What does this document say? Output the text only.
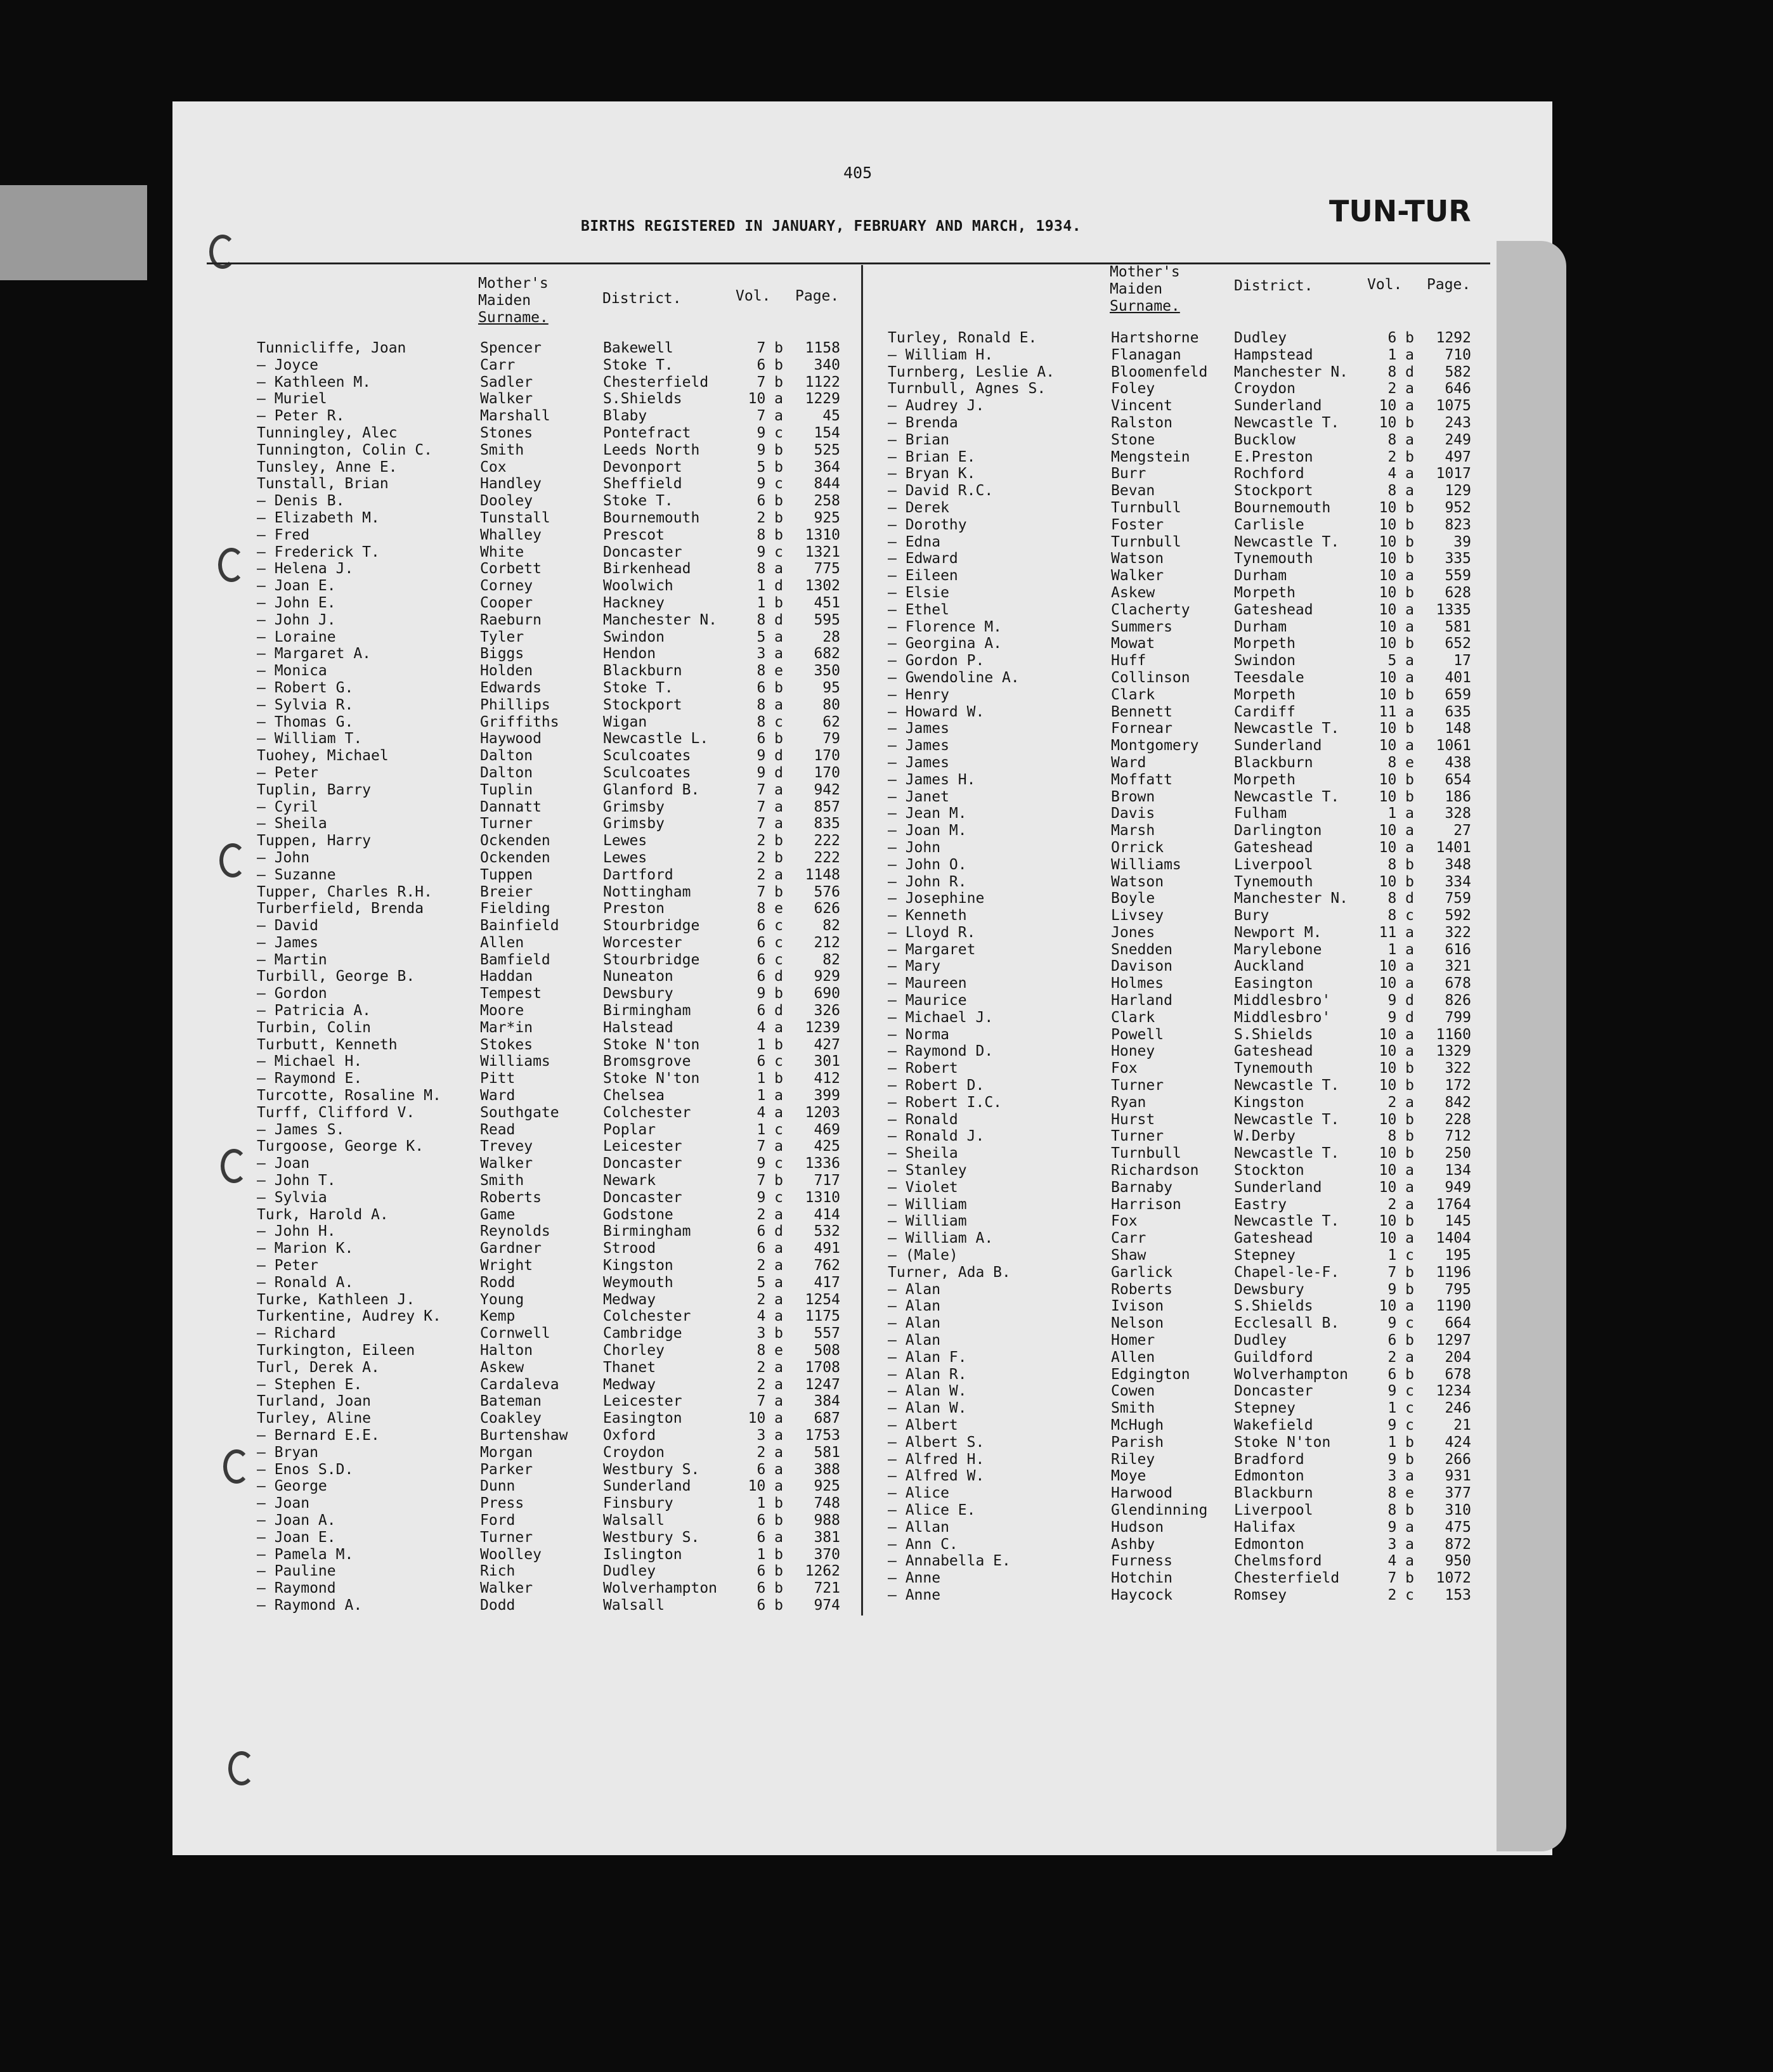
405
BIRTHS REGISTERED IN JANUARY, FEBRUARY AND MARCH, 1934.	TUN-TUR
Mother's
Maiden
Surname.
District.	Vol. Page.
Mother's
Maiden
Surname.
District.	Vol. Page.
Tunnicliffe, Joan	Spencer	Bakewell	7 b 1158
— Joyce	Carr	Stoke T.	6 b 340
— Kathleen M.	Sadler	Chesterfield	7 b 1122
— Muriel	Walker	S.Shields	10 a 1229
— Peter R.	Marshall	Blaby	7 a	45
Tunningley, Alec	Stones	Pontefract	9 c 154
Tunnington, Colin C.	Smith	Leeds North	9 b 525
Tunsley, Anne E.	Cox	Devonport	5 b 364
Tunstall, Brian	Handley	Sheffield	9 c 844
— Denis B.	Dooley	Stoke T.	6 b 258
— Elizabeth M.	Tunstall	Bournemouth	2 b 925
— Fred	Whalley	Prescot	8 b 1310
— Frederick T.	White	Doncaster	9 c 1321
— Helena J.	Corbett	Birkenhead	8 a 775
— Joan E.	Corney	Woolwich	1 d 1302
— John E.	Cooper	Hackney	1 b 451
— John J.	Raeburn	Manchester N.	8 d 595
— Loraine	Tyler	Swindon	5 a	28
— Margaret A.	Biggs	Hendon	3 a 682
— Monica	Holden	Blackburn	8 e 350
— Robert G.	Edwards	Stoke T.	6 b	95
— Sylvia R.	Phillips	Stockport	8 a	80
— Thomas G.	Griffiths	Wigan	8 c	62
— William T.	Haywood	Newcastle L.	6 b	79
Tuohey, Michael	Dalton	Sculcoates	9 d 170
— Peter	Dalton	Sculcoates	9 d 170
Tuplin, Barry	Tuplin	Glanford B.	7 a 942
— Cyril	Dannatt	Grimsby	7 a 857
— Sheila	Turner	Grimsby	7 a 835
Tuppen, Harry	Ockenden	Lewes	2 b 222
— John	Ockenden	Lewes	2 b 222
— Suzanne	Tuppen	Dartford	2 a 1148
Tupper, Charles R.H.	Breier	Nottingham	7 b 576
Turberfield, Brenda	Fielding	Preston	8 e 626
— David	Bainfield	Stourbridge	6 c	82
— James	Allen	Worcester	6 c 212
— Martin	Bamfield	Stourbridge	6 c	82
Turbill, George B.	Haddan	Nuneaton	6 d 929
— Gordon	Tempest	Dewsbury	9 b 690
— Patricia A.	Moore	Birmingham	6 d 326
Turbin, Colin	Mar*in	Halstead	4 a 1239
Turbutt, Kenneth	Stokes	Stoke N'ton	1 b 427
— Michael H.	Williams	Bromsgrove	6 c 301
— Raymond E.	Pitt	Stoke N'ton	1 b 412
Turcotte, Rosaline M.	Ward	Chelsea	1 a 399
Turff, Clifford V.	Southgate	Colchester	4 a 1203
— James S.	Read	Poplar	1 c 469
Turgoose, George K.	Trevey	Leicester	7 a 425
— Joan	Walker	Doncaster	9 c 1336
— John T.	Smith	Newark	7 b 717
— Sylvia	Roberts	Doncaster	9 c 1310
Turk, Harold A.	Game	Godstone	2 a 414
— John H.	Reynolds	Birmingham	6 d 532
— Marion K.	Gardner	Strood	6 a 491
— Peter	Wright	Kingston	2 a 762
— Ronald A.	Rodd	Weymouth	5 a 417
Turke, Kathleen J.	Young	Medway	2 a 1254
Turkentine, Audrey K.	Kemp	Colchester	4 a 1175
— Richard	Cornwell	Cambridge	3 b 557
Turkington, Eileen	Halton	Chorley	8 e 508
Turl, Derek A.	Askew	Thanet	2 a 1708
— Stephen E.	Cardaleva	Medway	2 a 1247
Turland, Joan	Bateman	Leicester	7 a 384
Turley, Aline	Coakley	Easington	10 a 687
— Bernard E.E.	Burtenshaw Oxford	3 a 1753
— Bryan	Morgan	Croydon	2 a 581
— Enos S.D.	Parker	Westbury S.	6 a 388
— George	Dunn	Sunderland	10 a 925
— Joan	Press	Finsbury	1 b 748
— Joan A.	Ford	Walsall	6 b 988
— Joan E.	Turner	Westbury S.	6 a 381
— Pamela M.	Woolley	Islington	1 b 370
— Pauline	Rich	Dudley	6 b 1262
— Raymond	Walker	Wolverhampton	6 b 721
— Raymond A.	Dodd	Walsall	6 b 974
Turley, Ronald E.	Hartshorne Dudley	6 b 1292
— William H.	Flanagan	Hampstead	1 a 710
Turnberg, Leslie A.	Bloomenfeld Manchester N.	8 d 582
Turnbull, Agnes S.	Foley	Croydon	2 a 646
— Audrey J.	Vincent	Sunderland	10 a 1075
— Brenda	Ralston	Newcastle T.	10 b 243
— Brian	Stone	Bucklow	8 a 249
— Brian E.	Mengstein	E.Preston	2 b 497
— Bryan K.	Burr	Rochford	4 a 1017
— David R.C.	Bevan	Stockport	8 a 129
— Derek	Turnbull	Bournemouth	10 b 952
— Dorothy	Foster	Carlisle	10 b 823
— Edna	Turnbull	Newcastle T.	10 b	39
— Edward	Watson	Tynemouth	10 b 335
— Eileen	Walker	Durham	10 a 559
— Elsie	Askew	Morpeth	10 b 628
— Ethel	Clacherty	Gateshead	10 a 1335
— Florence M.	Summers	Durham	10 a 581
— Georgina A.	Mowat	Morpeth	10 b 652
— Gordon P.	Huff	Swindon	5 a	17
— Gwendoline A.	Collinson	Teesdale	10 a 401
— Henry	Clark	Morpeth	10 b 659
— Howard W.	Bennett	Cardiff	11 a 635
— James	Fornear	Newcastle T.	10 b 148
— James	Montgomery Sunderland	10 a 1061
— James	Ward	Blackburn	8 e 438
— James H.	Moffatt	Morpeth	10 b 654
— Janet	Brown	Newcastle T.	10 b 186
— Jean M.	Davis	Fulham	1 a 328
— Joan M.	Marsh	Darlington	10 a	27
— John	Orrick	Gateshead	10 a 1401
— John O.	Williams	Liverpool	8 b 348
— John R.	Watson	Tynemouth	10 b 334
— Josephine	Boyle	Manchester N.	8 d 759
— Kenneth	Livsey	Bury	8 c 592
— Lloyd R.	Jones	Newport M.	11 a 322
— Margaret	Snedden	Marylebone	1 a 616
— Mary	Davison	Auckland	10 a 321
— Maureen	Holmes	Easington	10 a 678
— Maurice	Harland	Middlesbro'	9 d 826
— Michael J.	Clark	Middlesbro'	9 d 799
— Norma	Powell	S.Shields	10 a 1160
— Raymond D.	Honey	Gateshead	10 a 1329
— Robert	Fox	Tynemouth	10 b 322
— Robert D.	Turner	Newcastle T.	10 b 172
— Robert I.C.	Ryan	Kingston	2 a 842
— Ronald	Hurst	Newcastle T.	10 b 228
— Ronald J.	Turner	W.Derby	8 b 712
— Sheila	Turnbull	Newcastle T.	10 b 250
— Stanley	Richardson Stockton	10 a 134
— Violet	Barnaby	Sunderland	10 a 949
— William	Harrison	Eastry	2 a 1764
— William	Fox	Newcastle T.	10 b 145
— William A.	Carr	Gateshead	10 a 1404
— (Male)	Shaw	Stepney	1 c 195
Turner, Ada B.	Garlick	Chapel-le-F.	7 b 1196
— Alan	Roberts	Dewsbury	9 b 795
— Alan	Ivison	S.Shields	10 a 1190
— Alan	Nelson	Ecclesall B.	9 c 664
— Alan	Homer	Dudley	6 b 1297
— Alan F.	Allen	Guildford	2 a 204
— Alan R.	Edgington	Wolverhampton	6 b 678
— Alan W.	Cowen	Doncaster	9 c 1234
— Alan W.	Smith	Stepney	1 c 246
— Albert	McHugh	Wakefield	9 c	21
— Albert S.	Parish	Stoke N'ton	1 b 424
— Alfred H.	Riley	Bradford	9 b 266
— Alfred W.	Moye	Edmonton	3 a 931
— Alice	Harwood	Blackburn	8 e 377
— Alice E.	Glendinning Liverpool	8 b 310
— Allan	Hudson	Halifax	9 a 475
— Ann C.	Ashby	Edmonton	3 a 872
— Annabella E.	Furness	Chelmsford	4 a 950
— Anne	Hotchin	Chesterfield	7 b 1072
— Anne	Haycock	Romsey	2 c 153
